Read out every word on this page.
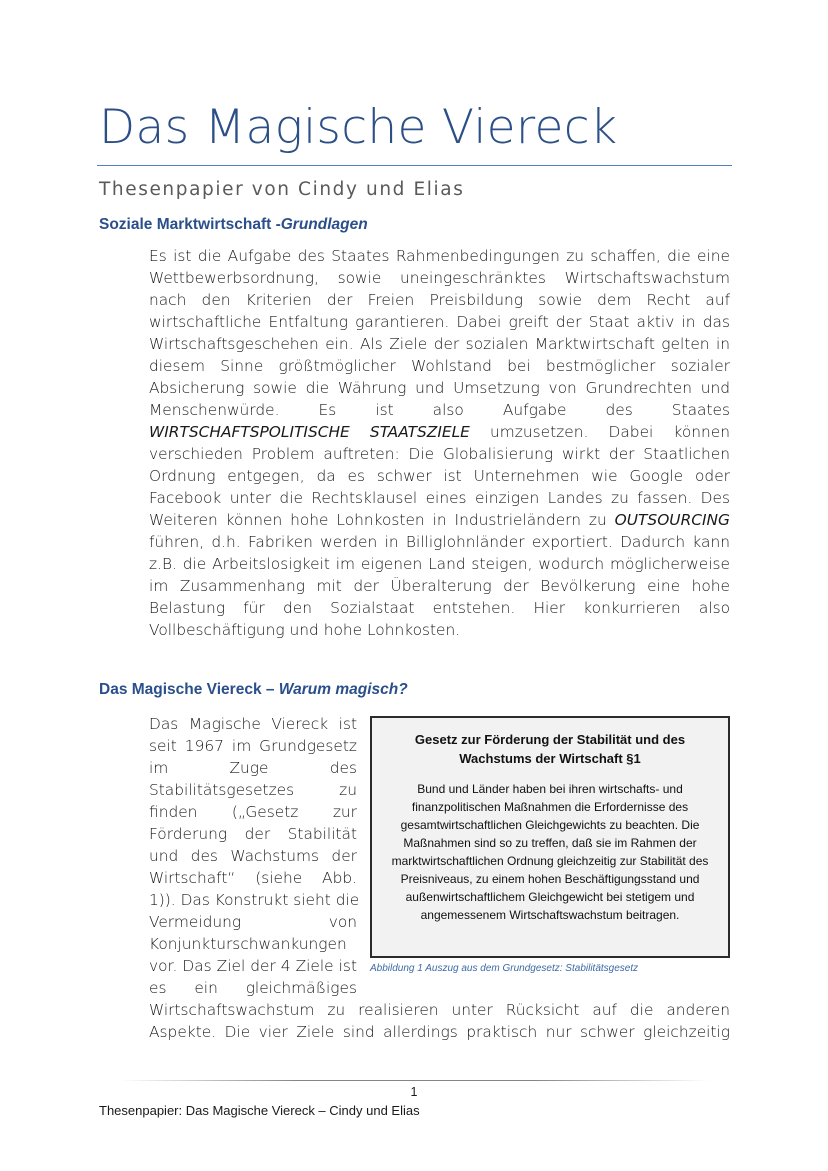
Das Magische Viereck
Thesenpapier von Cindy und Elias
Soziale Marktwirtschaft -Grundlagen
Es ist die Aufgabe des Staates Rahmenbedingungen zu schaffen, die eine Wettbewerbsordnung, sowie uneingeschränktes Wirtschaftswachstum nach den Kriterien der Freien Preisbildung sowie dem Recht auf wirtschaftliche Entfaltung garantieren. Dabei greift der Staat aktiv in das Wirtschaftsgeschehen ein. Als Ziele der sozialen Marktwirtschaft gelten in diesem Sinne größtmöglicher Wohlstand bei bestmöglicher sozialer Absicherung sowie die Währung und Umsetzung von Grundrechten und Menschenwürde. Es ist also Aufgabe des Staates WIRTSCHAFTSPOLITISCHE STAATSZIELE umzusetzen. Dabei können verschieden Problem auftreten: Die Globalisierung wirkt der Staatlichen Ordnung entgegen, da es schwer ist Unternehmen wie Google oder Facebook unter die Rechtsklausel eines einzigen Landes zu fassen. Des Weiteren können hohe Lohnkosten in Industrieländern zu OUTSOURCING führen, d.h. Fabriken werden in Billiglohnländer exportiert. Dadurch kann z.B. die Arbeitslosigkeit im eigenen Land steigen, wodurch möglicherweise im Zusammenhang mit der Überalterung der Bevölkerung eine hohe Belastung für den Sozialstaat entstehen. Hier konkurrieren also Vollbeschäftigung und hohe Lohnkosten.
Das Magische Viereck – Warum magisch?
Das Magische Viereck ist
seit 1967 im Grundgesetz
im Zuge des
Stabilitätsgesetzes zu
finden („Gesetz zur
Förderung der Stabilität
und des Wachstums der
Wirtschaft“ (siehe Abb.
1)). Das Konstrukt sieht die
Vermeidung von
Konjunkturschwankungen
vor. Das Ziel der 4 Ziele ist
es ein gleichmäßiges
Wirtschaftswachstum zu realisieren unter Rücksicht auf die anderen
Aspekte. Die vier Ziele sind allerdings praktisch nur schwer gleichzeitig
Gesetz zur Förderung der Stabilität und des Wachstums der Wirtschaft §1
Bund und Länder haben bei ihren wirtschafts- und finanzpolitischen Maßnahmen die Erfordernisse des gesamtwirtschaftlichen Gleichgewichts zu beachten. Die Maßnahmen sind so zu treffen, daß sie im Rahmen der marktwirtschaftlichen Ordnung gleichzeitig zur Stabilität des Preisniveaus, zu einem hohen Beschäftigungsstand und außenwirtschaftlichem Gleichgewicht bei stetigem und angemessenem Wirtschaftswachstum beitragen.
Abbildung 1 Auszug aus dem Grundgesetz: Stabilitätsgesetz
1
Thesenpapier: Das Magische Viereck – Cindy und Elias
